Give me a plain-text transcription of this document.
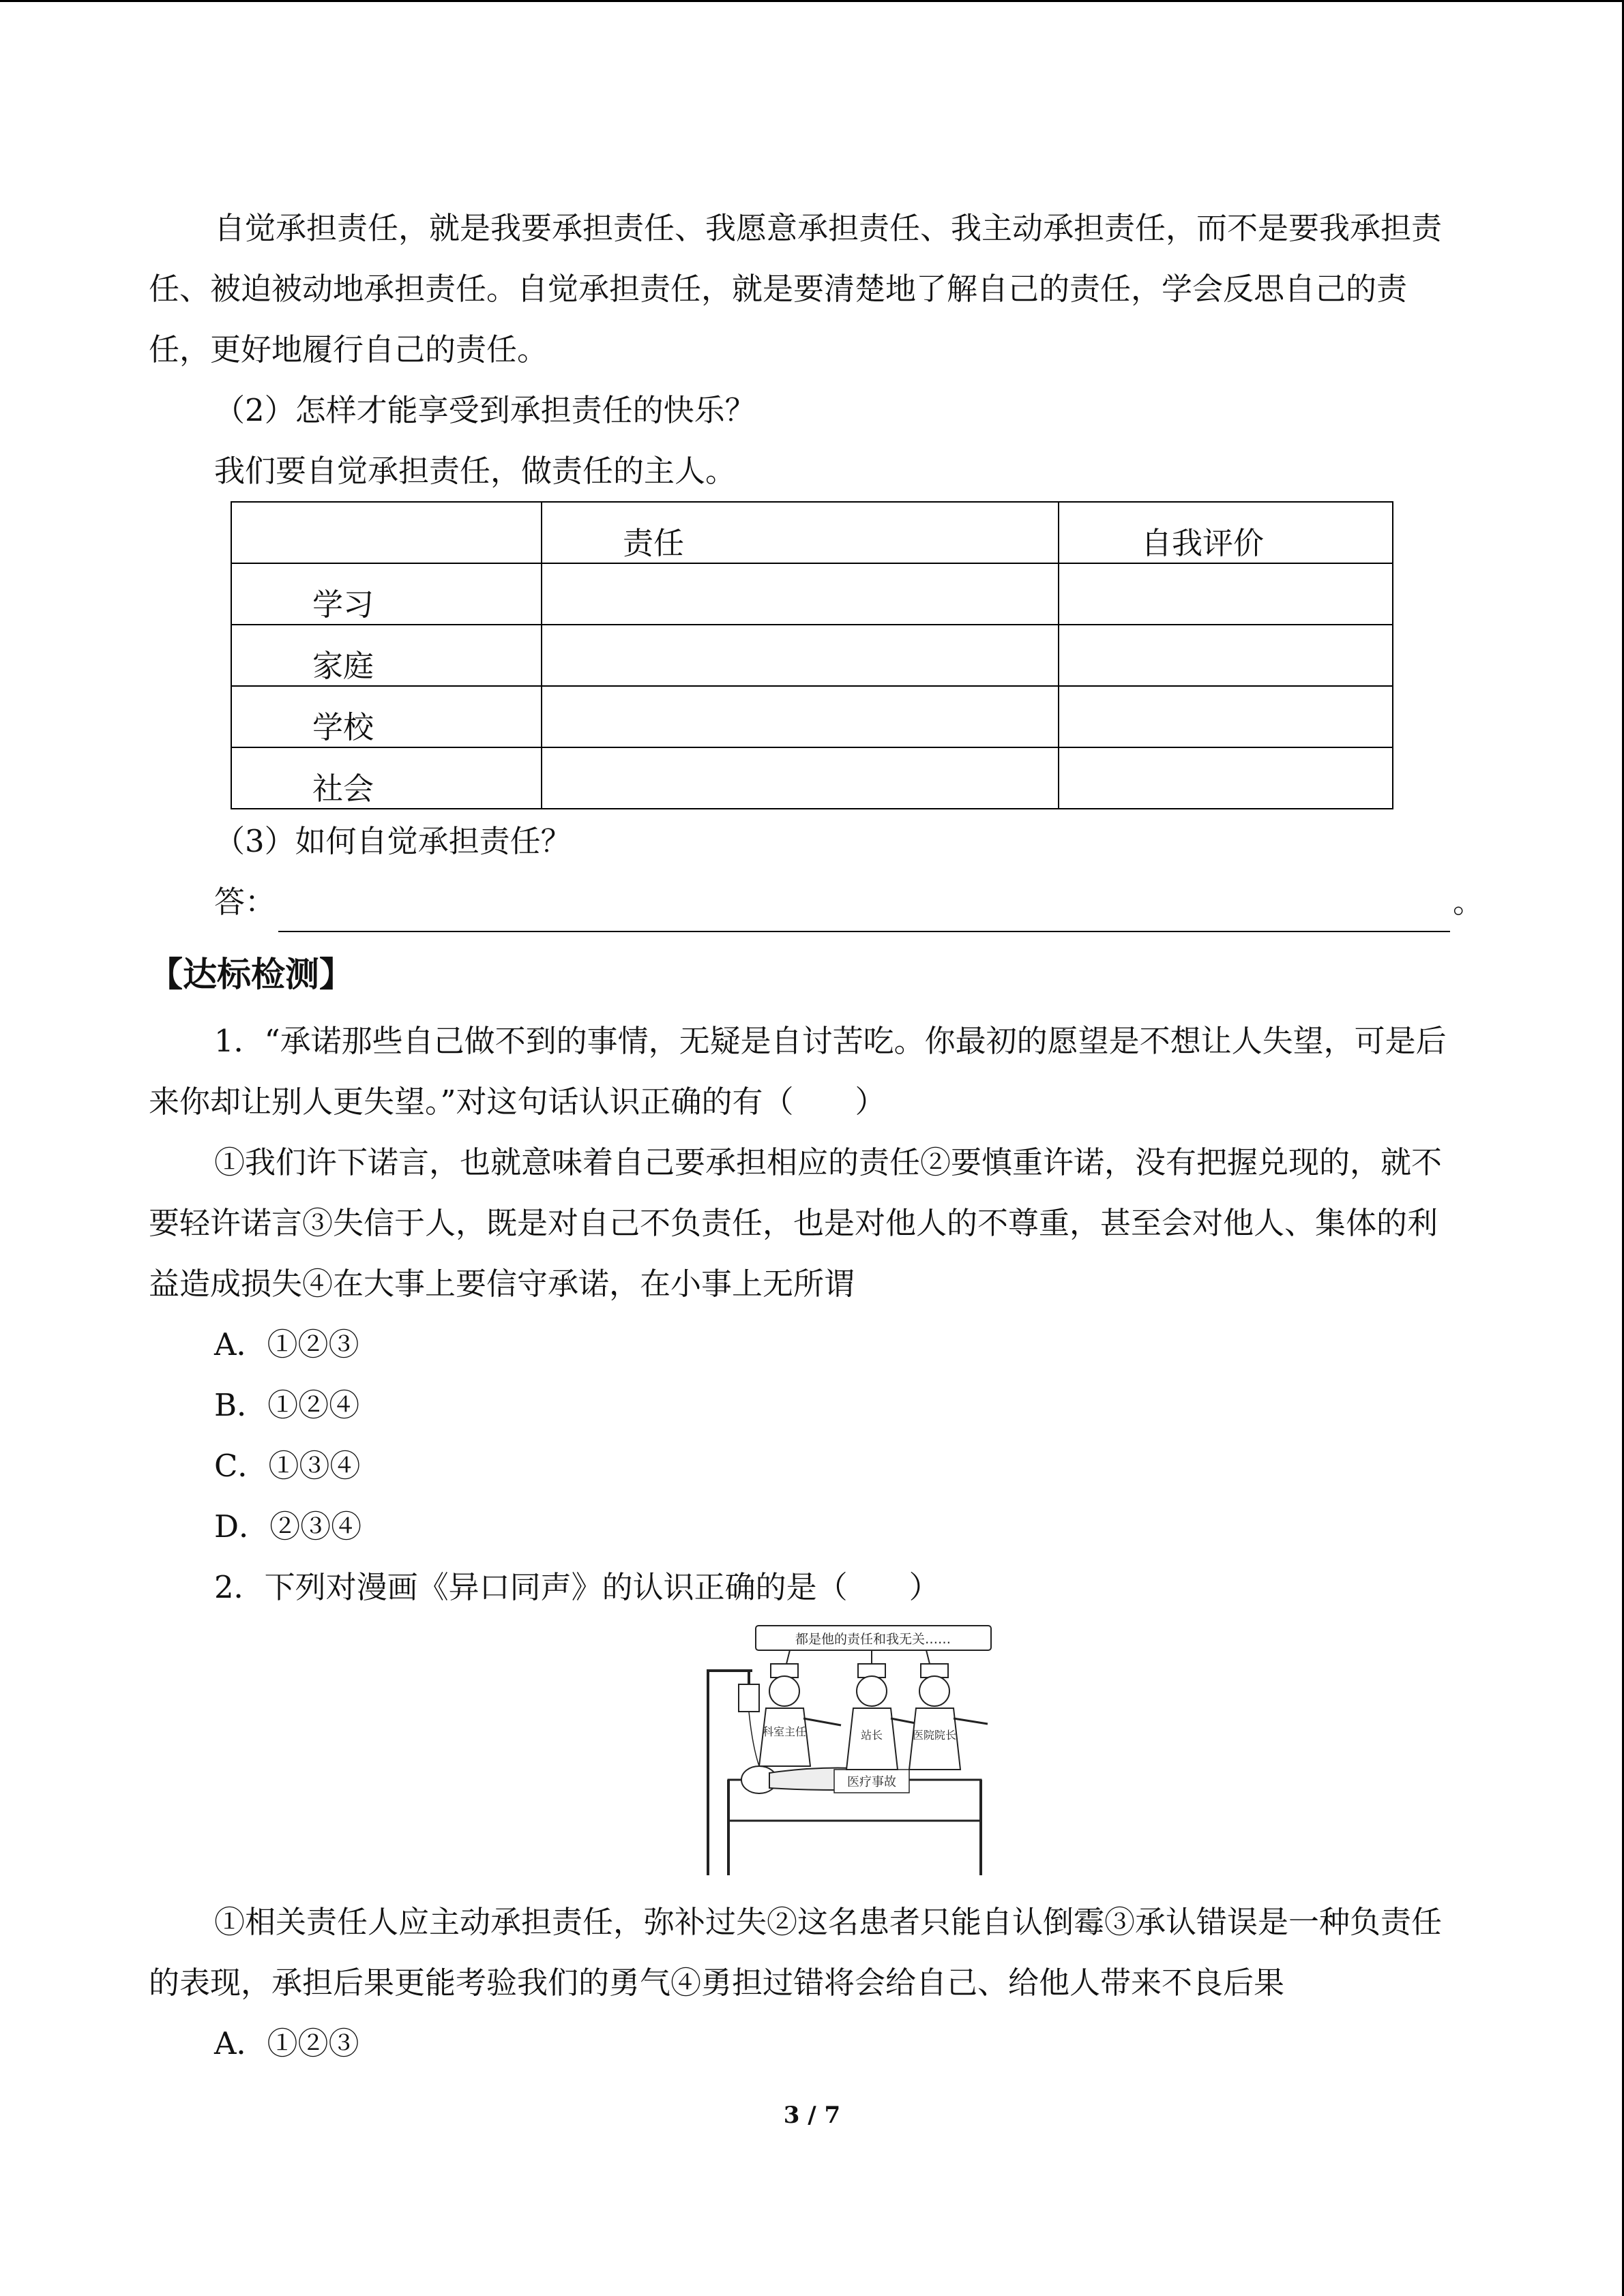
自觉承担责任，就是我要承担责任、我愿意承担责任、我主动承担责任，而不是要我承担责任、被迫被动地承担责任。自觉承担责任，就是要清楚地了解自己的责任，学会反思自己的责任，更好地履行自己的责任。

（2）怎样才能享受到承担责任的快乐？

我们要自觉承担责任，做责任的主人。

	责任	自我评价
学习		
家庭		
学校		
社会		

（3）如何自觉承担责任？

答：	。

【达标检测】

1．“承诺那些自己做不到的事情，无疑是自讨苦吃。你最初的愿望是不想让人失望，可是后来你却让别人更失望。”对这句话认识正确的有（　　）

①我们许下诺言，也就意味着自己要承担相应的责任②要慎重许诺，没有把握兑现的，就不要轻许诺言③失信于人，既是对自己不负责任，也是对他人的不尊重，甚至会对他人、集体的利益造成损失④在大事上要信守承诺，在小事上无所谓

A．①②③

B．①②④

C．①③④

D．②③④

2．下列对漫画《异口同声》的认识正确的是（　　）

都是他的责任和我无关……
医疗事故
科室主任	站长	医院院长

①相关责任人应主动承担责任，弥补过失②这名患者只能自认倒霉③承认错误是一种负责任的表现，承担后果更能考验我们的勇气④勇担过错将会给自己、给他人带来不良后果

A．①②③

3 / 7
